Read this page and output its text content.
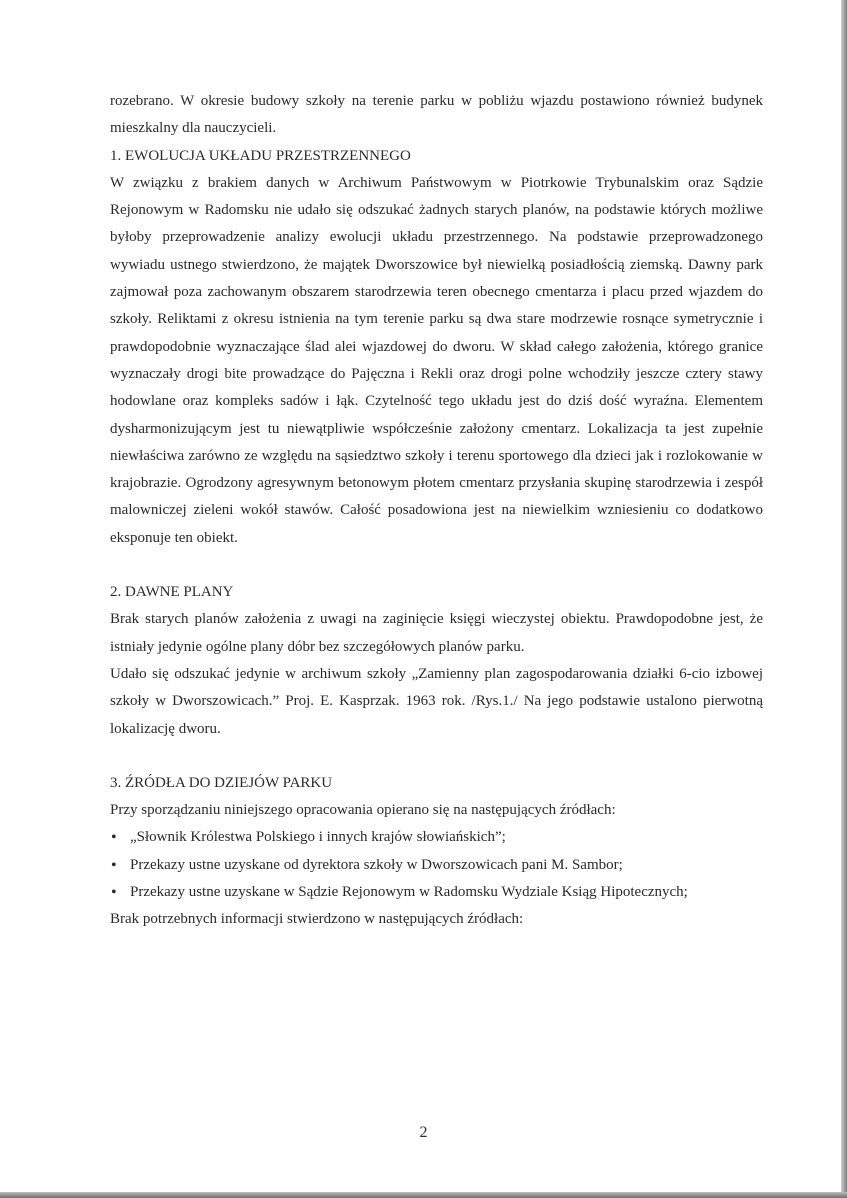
rozebrano. W okresie budowy szkoły na terenie parku w pobliżu wjazdu postawiono również budynek mieszkalny dla nauczycieli.

1. EWOLUCJA UKŁADU PRZESTRZENNEGO

W związku z brakiem danych w Archiwum Państwowym w Piotrkowie Trybunalskim oraz Sądzie Rejonowym w Radomsku nie udało się odszukać żadnych starych planów, na podstawie których możliwe byłoby przeprowadzenie analizy ewolucji układu przestrzennego. Na podstawie przeprowadzonego wywiadu ustnego stwierdzono, że majątek Dworszowice był niewielką posiadłością ziemską. Dawny park zajmował poza zachowanym obszarem starodrzewia teren obecnego cmentarza i placu przed wjazdem do szkoły. Reliktami z okresu istnienia na tym terenie parku są dwa stare modrzewie rosnące symetrycznie i prawdopodobnie wyznaczające ślad alei wjazdowej do dworu. W skład całego założenia, którego granice wyznaczały drogi bite prowadzące do Pajęczna i Rekli oraz drogi polne wchodziły jeszcze cztery stawy hodowlane oraz kompleks sadów i łąk. Czytelność tego układu jest do dziś dość wyraźna. Elementem dysharmonizującym jest tu niewątpliwie współcześnie założony cmentarz. Lokalizacja ta jest zupełnie niewłaściwa zarówno ze względu na sąsiedztwo szkoły i terenu sportowego dla dzieci jak i rozlokowanie w krajobrazie. Ogrodzony agresywnym betonowym płotem cmentarz przysłania skupinę starodrzewia i zespół malowniczej zieleni wokół stawów. Całość posadowiona jest na niewielkim wzniesieniu co dodatkowo eksponuje ten obiekt.

2. DAWNE PLANY

Brak starych planów założenia z uwagi na zaginięcie księgi wieczystej obiektu. Prawdopodobne jest, że istniały jedynie ogólne plany dóbr bez szczegółowych planów parku.

Udało się odszukać jedynie w archiwum szkoły „Zamienny plan zagospodarowania działki 6-cio izbowej szkoły w Dworszowicach.” Proj. E. Kasprzak. 1963 rok. /Rys.1./ Na jego podstawie ustalono pierwotną lokalizację dworu.

3. ŹRÓDŁA DO DZIEJÓW PARKU

Przy sporządzaniu niniejszego opracowania opierano się na następujących źródłach:

• „Słownik Królestwa Polskiego i innych krajów słowiańskich”;
• Przekazy ustne uzyskane od dyrektora szkoły w Dworszowicach pani M. Sambor;
• Przekazy ustne uzyskane w Sądzie Rejonowym w Radomsku Wydziale Ksiąg Hipotecznych;

Brak potrzebnych informacji stwierdzono w następujących źródłach:

2
